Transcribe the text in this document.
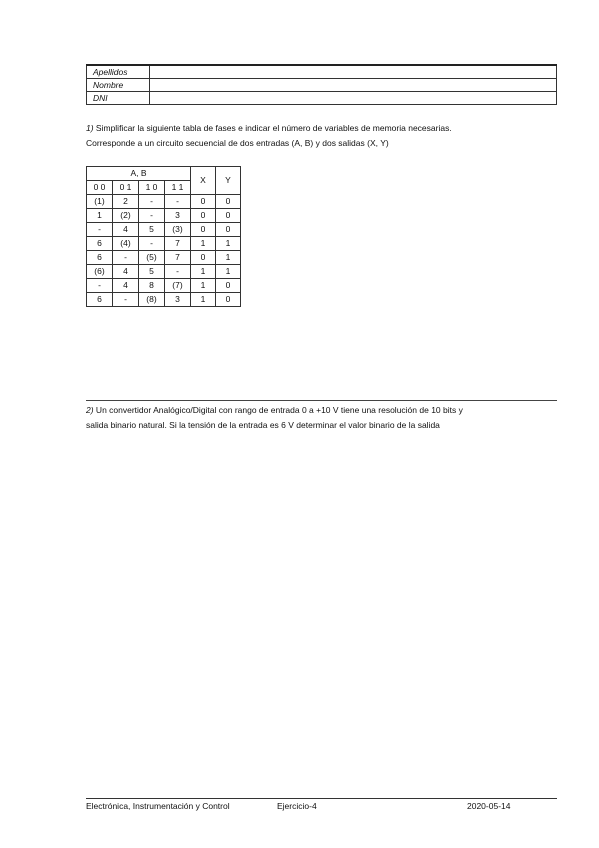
Apellidos	
Nombre	
DNI	
1) Simplificar la siguiente tabla de fases e indicar el número de variables de memoria necesarias.
Corresponde a un circuito secuencial de dos entradas (A, B) y dos salidas (X, Y)
A, B				X	Y
0 0	0 1	1 0	1 1		
(1)	2	-	-	0	0
1	(2)	-	3	0	0
-	4	5	(3)	0	0
6	(4)	-	7	1	1
6	-	(5)	7	0	1
(6)	4	5	-	1	1
-	4	8	(7)	1	0
6	-	(8)	3	1	0
2) Un convertidor Analógico/Digital con rango de entrada 0 a +10 V tiene una resolución de 10 bits y
salida binario natural. Si la tensión de la entrada es 6 V determinar el valor binario de la salida
Electrónica, Instrumentación y Control	Ejercicio-4	2020-05-14
